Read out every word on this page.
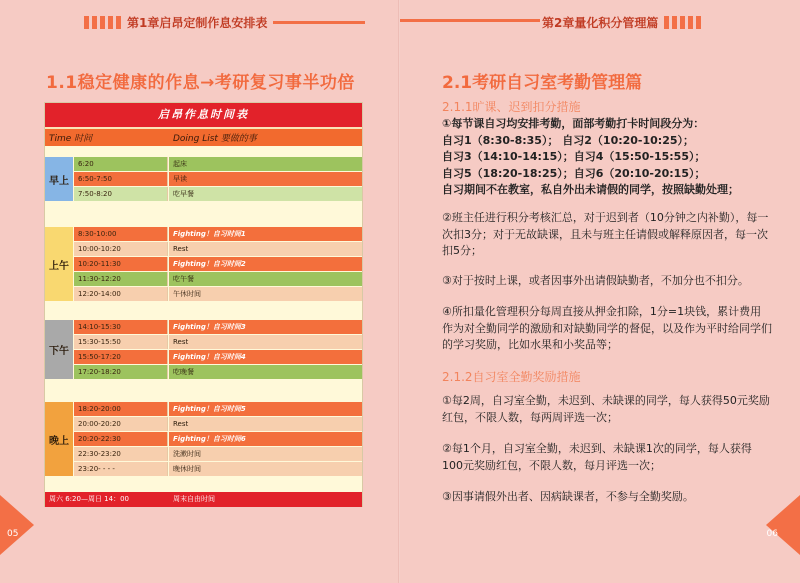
第1章启昂定制作息安排表
1.1稳定健康的作息→考研复习事半功倍
启昂作息时间表
Time 时间	Doing List 要做的事
早上
6:20	起床
6:50-7:50	早读
7:50-8:20	吃早餐
上午
8:30-10:00	Fighting！自习时间1
10:00-10:20	Rest
10:20-11:30	Fighting！自习时间2
11:30-12:20	吃午餐
12:20-14:00	午休时间
下午
14:10-15:30	Fighting！自习时间3
15:30-15:50	Rest
15:50-17:20	Fighting！自习时间4
17:20-18:20	吃晚餐
晚上
18:20-20:00	Fighting！自习时间5
20:00-20:20	Rest
20:20-22:30	Fighting！自习时间6
22:30-23:20	洗漱时间
23:20- - - -	晚休时间
周六 6:20—周日 14：00	周末自由时间
05
第2章量化积分管理篇
2.1考研自习室考勤管理篇
2.1.1旷课、迟到扣分措施
①每节课自习均安排考勤，面部考勤打卡时间段分为：
自习1（8:30-8:35）； 自习2（10:20-10:25）；
自习3（14:10-14:15）；自习4（15:50-15:55）；
自习5（18:20-18:25）；自习6（20:10-20:15）；
自习期间不在教室，私自外出未请假的同学，按照缺勤处理；
②班主任进行积分考核汇总，对于迟到者（10分钟之内补勤），每一次扣3分；对于无故缺课，且未与班主任请假或解释原因者，每一次扣5分；
③对于按时上课，或者因事外出请假缺勤者，不加分也不扣分。
④所扣量化管理积分每周直接从押金扣除，1分=1块钱，累计费用作为对全勤同学的激励和对缺勤同学的督促，以及作为平时给同学们的学习奖励，比如水果和小奖品等；
2.1.2自习室全勤奖励措施
①每2周，自习室全勤，未迟到、未缺课的同学，每人获得50元奖励红包，不限人数，每两周评选一次；
②每1个月，自习室全勤，未迟到、未缺课1次的同学，每人获得100元奖励红包，不限人数，每月评选一次；
③因事请假外出者、因病缺课者，不参与全勤奖励。
06
